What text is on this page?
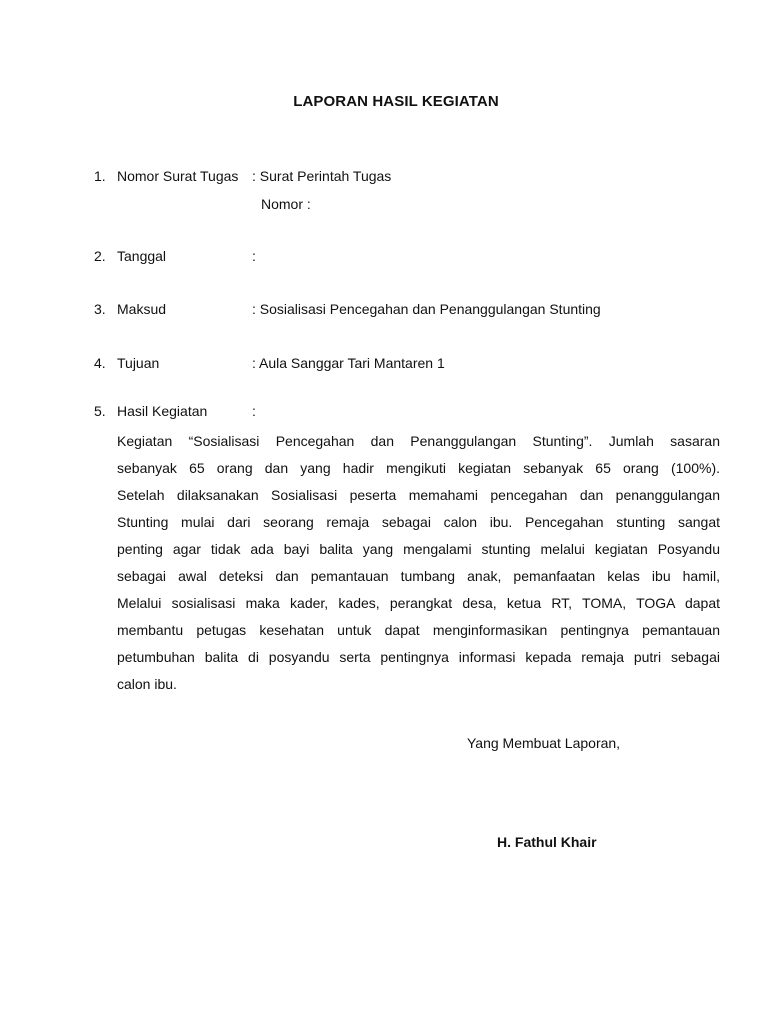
LAPORAN HASIL KEGIATAN
1. Nomor Surat Tugas : Surat Perintah Tugas
Nomor :
2. Tanggal	:
3. Maksud	: Sosialisasi Pencegahan dan Penanggulangan Stunting
4. Tujuan	: Aula Sanggar Tari Mantaren 1
5. Hasil Kegiatan	:
Kegiatan “Sosialisasi Pencegahan dan Penanggulangan Stunting”. Jumlah sasaran
sebanyak 65 orang dan yang hadir mengikuti kegiatan sebanyak 65 orang (100%).
Setelah dilaksanakan Sosialisasi peserta memahami pencegahan dan penanggulangan
Stunting mulai dari seorang remaja sebagai calon ibu. Pencegahan stunting sangat
penting agar tidak ada bayi balita yang mengalami stunting melalui kegiatan Posyandu
sebagai awal deteksi dan pemantauan tumbang anak, pemanfaatan kelas ibu hamil,
Melalui sosialisasi maka kader, kades, perangkat desa, ketua RT, TOMA, TOGA dapat
membantu petugas kesehatan untuk dapat menginformasikan pentingnya pemantauan
petumbuhan balita di posyandu serta pentingnya informasi kepada remaja putri sebagai
calon ibu.
Yang Membuat Laporan,
H. Fathul Khair
